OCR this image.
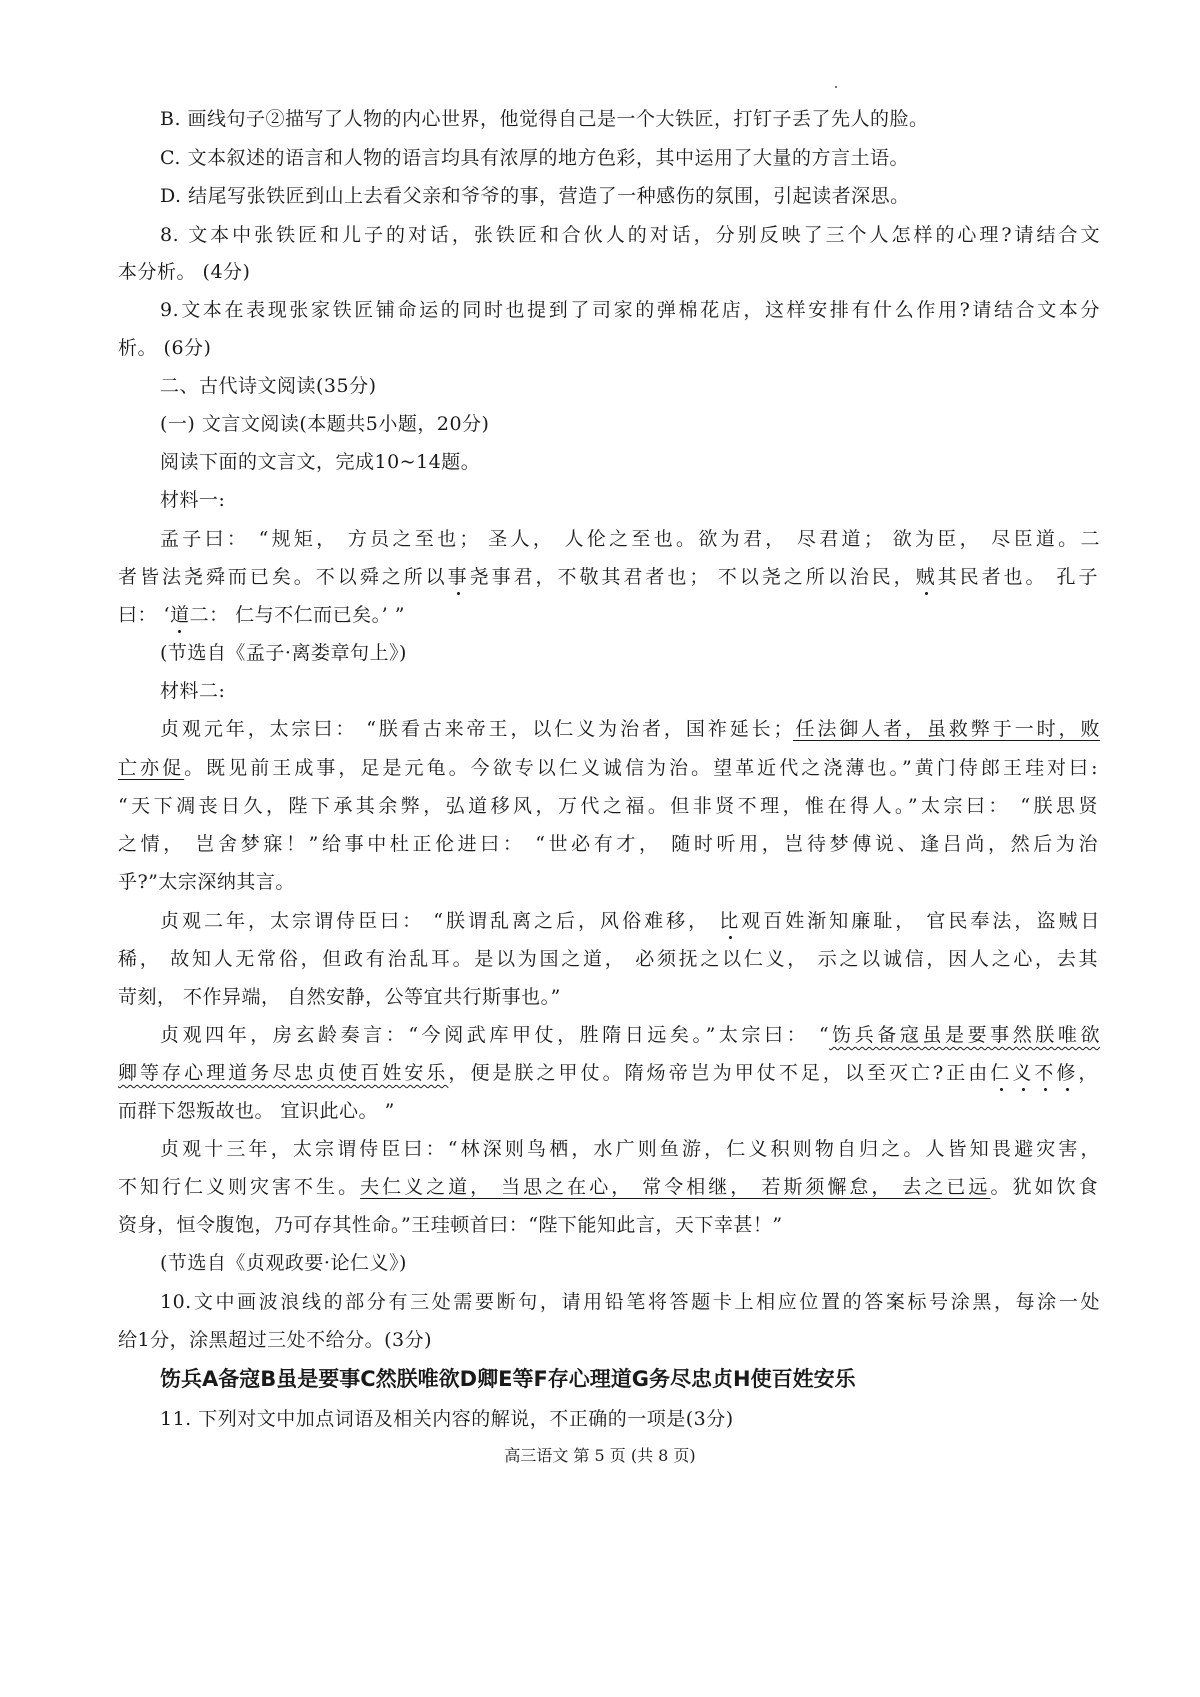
B. 画线句子②描写了人物的内心世界，他觉得自己是一个大铁匠，打钉子丢了先人的脸。
C. 文本叙述的语言和人物的语言均具有浓厚的地方色彩，其中运用了大量的方言土语。
D. 结尾写张铁匠到山上去看父亲和爷爷的事，营造了一种感伤的氛围，引起读者深思。
8. 文本中张铁匠和儿子的对话，张铁匠和合伙人的对话，分别反映了三个人怎样的心理?请结合文
本分析。 (4分)
9.文本在表现张家铁匠铺命运的同时也提到了司家的弹棉花店，这样安排有什么作用?请结合文本分
析。 (6分)
二、古代诗文阅读(35分)
(一) 文言文阅读(本题共5小题，20分)
阅读下面的文言文，完成10~14题。
材料一:
孟子曰： “规矩， 方员之至也； 圣人， 人伦之至也。欲为君， 尽君道； 欲为臣， 尽臣道。二
者皆法尧舜而已矣。不以舜之所以事尧事君，不敬其君者也； 不以尧之所以治民，贼其民者也。 孔子
曰： ‘道二： 仁与不仁而已矣。’ ”
(节选自《孟子·离娄章句上》)
材料二:
贞观元年，太宗曰： “朕看古来帝王，以仁义为治者，国祚延长；任法御人者，虽救弊于一时，败
亡亦促。既见前王成事，足是元龟。今欲专以仁义诚信为治。望革近代之浇薄也。”黄门侍郎王珪对曰:
“天下凋丧日久，陛下承其余弊，弘道移风，万代之福。但非贤不理，惟在得人。”太宗曰： “朕思贤
之情， 岂舍梦寐！”给事中杜正伦进曰： “世必有才， 随时听用，岂待梦傅说、逢吕尚，然后为治
乎?”太宗深纳其言。
贞观二年，太宗谓侍臣曰： “朕谓乱离之后，风俗难移， 比观百姓渐知廉耻， 官民奉法，盗贼日
稀， 故知人无常俗，但政有治乱耳。是以为国之道， 必须抚之以仁义， 示之以诚信，因人之心，去其
苛刻， 不作异端， 自然安静，公等宜共行斯事也。”
贞观四年，房玄龄奏言：“今阅武库甲仗，胜隋日远矣。”太宗曰： “饬兵备寇虽是要事然朕唯欲
卿等存心理道务尽忠贞使百姓安乐，便是朕之甲仗。隋炀帝岂为甲仗不足，以至灭亡?正由仁义不修，
而群下怨叛故也。 宜识此心。 ”
贞观十三年，太宗谓侍臣曰：“林深则鸟栖，水广则鱼游，仁义积则物自归之。人皆知畏避灾害，
不知行仁义则灾害不生。夫仁义之道， 当思之在心， 常令相继， 若斯须懈怠， 去之已远。犹如饮食
资身，恒令腹饱，乃可存其性命。”王珪顿首曰：“陛下能知此言，天下幸甚！”
(节选自《贞观政要·论仁义》)
10.文中画波浪线的部分有三处需要断句，请用铅笔将答题卡上相应位置的答案标号涂黑，每涂一处
给1分，涂黑超过三处不给分。(3分)
饬兵A备寇B虽是要事C然朕唯欲D卿E等F存心理道G务尽忠贞H使百姓安乐
11. 下列对文中加点词语及相关内容的解说，不正确的一项是(3分)
高三语文 第 5 页 (共 8 页)
